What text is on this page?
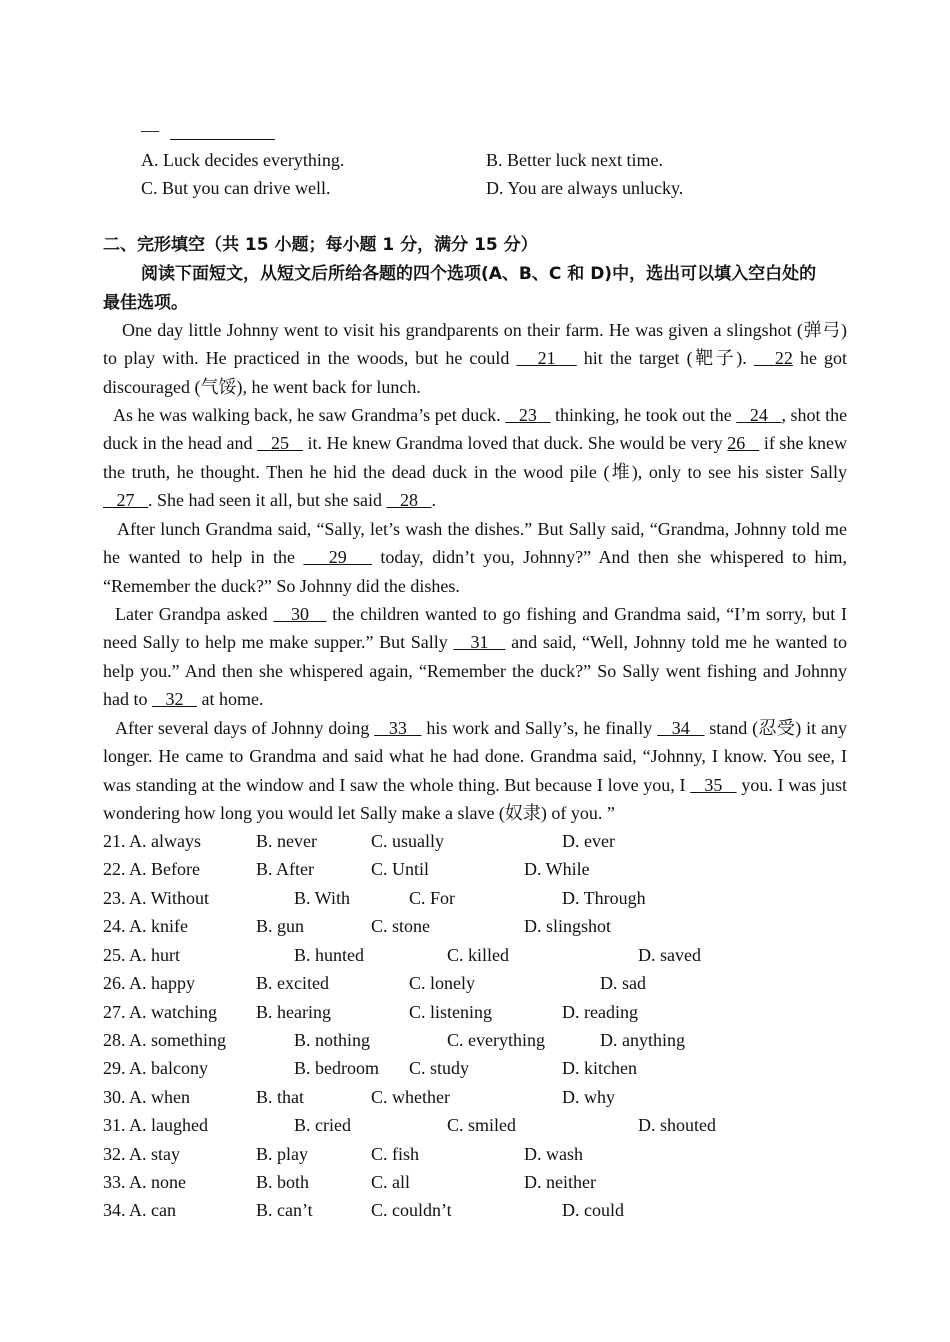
—
A. Luck decides everything.	B. Better luck next time.
C. But you can drive well.	D. You are always unlucky.
二、完形填空（共 15 小题；每小题 1 分，满分 15 分）
阅读下面短文，从短文后所给各题的四个选项(A、B、C 和 D)中，选出可以填入空白处的
最佳选项。
One day little Johnny went to visit his grandparents on their farm. He was given a slingshot (弹弓) to play with. He practiced in the woods, but he could    21    hit the target (靶子).    22 he got discouraged (气馁), he went back for lunch.
As he was walking back, he saw Grandma’s pet duck.    23    thinking, he took out the    24 , shot the duck in the head and    25    it. He knew Grandma loved that duck. She would be very 26    if she knew the truth, he thought. Then he hid the dead duck in the wood pile (堆), only to see his sister Sally    27 . She had seen it all, but she said    28 .
After lunch Grandma said, “Sally, let’s wash the dishes.” But Sally said, “Grandma, Johnny told me he wanted to help in the    29    today, didn’t you, Johnny?” And then she whispered to him, “Remember the duck?” So Johnny did the dishes.
Later Grandpa asked    30    the children wanted to go fishing and Grandma said, “I’m sorry, but I need Sally to help me make supper.” But Sally    31    and said, “Well, Johnny told me he wanted to help you.” And then she whispered again, “Remember the duck?” So Sally went fishing and Johnny had to    32    at home.
After several days of Johnny doing    33    his work and Sally’s, he finally    34    stand (忍受) it any longer. He came to Grandma and said what he had done. Grandma said, “Johnny, I know. You see, I was standing at the window and I saw the whole thing. But because I love you, I    35    you. I was just wondering how long you would let Sally make a slave (奴隶) of you. ”
21. A. always	B. never	C. usually	D. ever
22. A. Before	B. After	C. Until	D. While
23. A. Without	B. With	C. For	D. Through
24. A. knife	B. gun	C. stone	D. slingshot
25. A. hurt	B. hunted	C. killed	D. saved
26. A. happy	B. excited	C. lonely	D. sad
27. A. watching B. hearing	C. listening	D. reading
28. A. something	B. nothing	C. everything	D. anything
29. A. balcony	B. bedroom C. study	D. kitchen
30. A. when	B. that	C. whether	D. why
31. A. laughed	B. cried	C. smiled	D. shouted
32. A. stay	B. play	C. fish	D. wash
33. A. none	B. both	C. all	D. neither
34. A. can	B. can’t	C. couldn’t	D. could
